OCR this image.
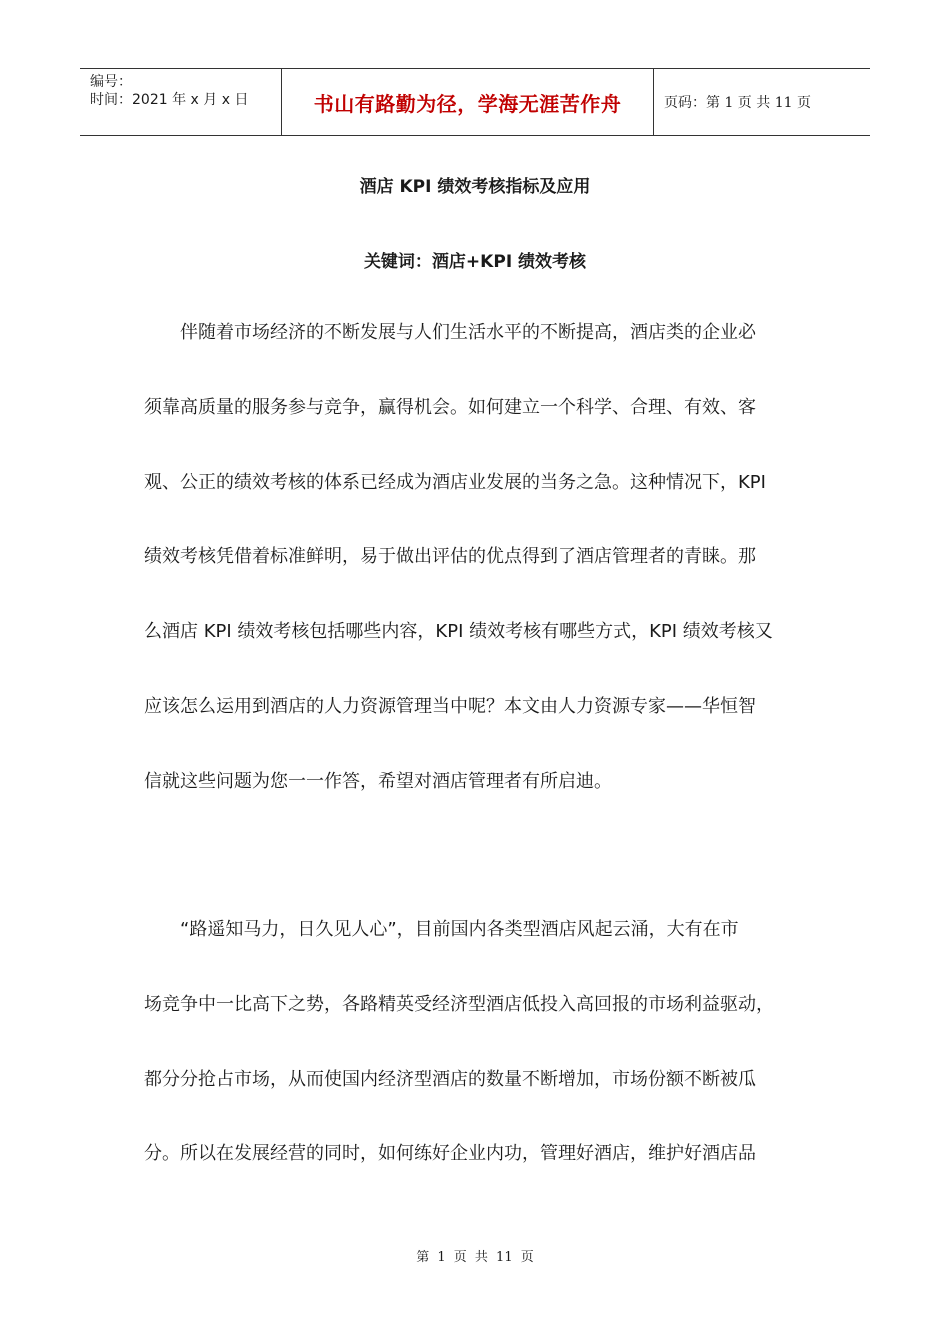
编号：
时间：2021 年 x 月 x 日	书山有路勤为径，学海无涯苦作舟	页码：第 1 页 共 11 页
酒店 KPI 绩效考核指标及应用
关键词：酒店+KPI 绩效考核
　　伴随着市场经济的不断发展与人们生活水平的不断提高，酒店类的企业必
须靠高质量的服务参与竞争，赢得机会。如何建立一个科学、合理、有效、客
观、公正的绩效考核的体系已经成为酒店业发展的当务之急。这种情况下，KPI
绩效考核凭借着标准鲜明，易于做出评估的优点得到了酒店管理者的青睐。那
么酒店 KPI 绩效考核包括哪些内容，KPI 绩效考核有哪些方式，KPI 绩效考核又
应该怎么运用到酒店的人力资源管理当中呢？本文由人力资源专家——华恒智
信就这些问题为您一一作答，希望对酒店管理者有所启迪。
　　“路遥知马力，日久见人心”，目前国内各类型酒店风起云涌，大有在市
场竞争中一比高下之势，各路精英受经济型酒店低投入高回报的市场利益驱动，
都分分抢占市场，从而使国内经济型酒店的数量不断增加，市场份额不断被瓜
分。所以在发展经营的同时，如何练好企业内功，管理好酒店，维护好酒店品
第 1 页 共 11 页
